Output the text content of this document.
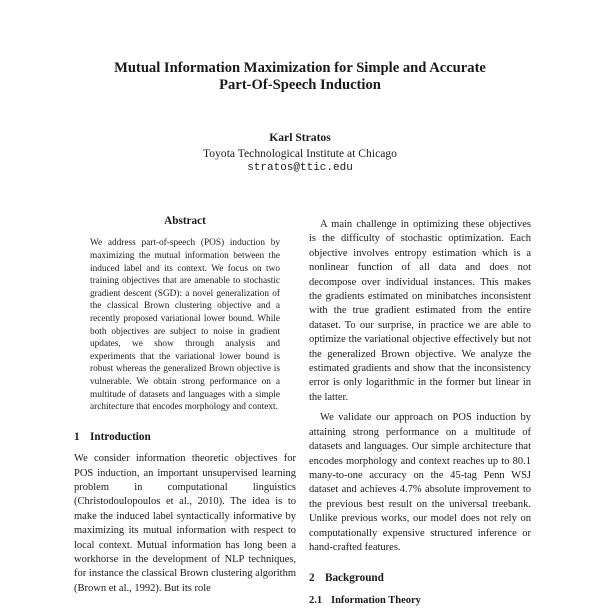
Mutual Information Maximization for Simple and Accurate
Part-Of-Speech Induction
Karl Stratos
Toyota Technological Institute at Chicago
stratos@ttic.edu
Abstract

We address part-of-speech (POS) induction by maximizing the mutual information between the induced label and its context. We focus on two training objectives that are amenable to stochastic gradient descent (SGD): a novel generalization of the classical Brown clustering objective and a recently proposed variational lower bound. While both objectives are subject to noise in gradient updates, we show through analysis and experiments that the variational lower bound is robust whereas the generalized Brown objective is vulnerable. We obtain strong performance on a multitude of datasets and languages with a simple architecture that encodes morphology and context.

1 Introduction

We consider information theoretic objectives for POS induction, an important unsupervised learning problem in computational linguistics (Christodoulopoulos et al., 2010). The idea is to make the induced label syntactically informative by maximizing its mutual information with respect to local context. Mutual information has long been a workhorse in the development of NLP techniques, for instance the classical Brown clustering algorithm (Brown et al., 1992). But its role

A main challenge in optimizing these objectives is the difficulty of stochastic optimization. Each objective involves entropy estimation which is a nonlinear function of all data and does not decompose over individual instances. This makes the gradients estimated on minibatches inconsistent with the true gradient estimated from the entire dataset. To our surprise, in practice we are able to optimize the variational objective effectively but not the generalized Brown objective. We analyze the estimated gradients and show that the inconsistency error is only logarithmic in the former but linear in the latter.

We validate our approach on POS induction by attaining strong performance on a multitude of datasets and languages. Our simple architecture that encodes morphology and context reaches up to 80.1 many-to-one accuracy on the 45-tag Penn WSJ dataset and achieves 4.7% absolute improvement to the previous best result on the universal treebank. Unlike previous works, our model does not rely on computationally expensive structured inference or hand-crafted features.

2 Background
2.1 Information Theory
